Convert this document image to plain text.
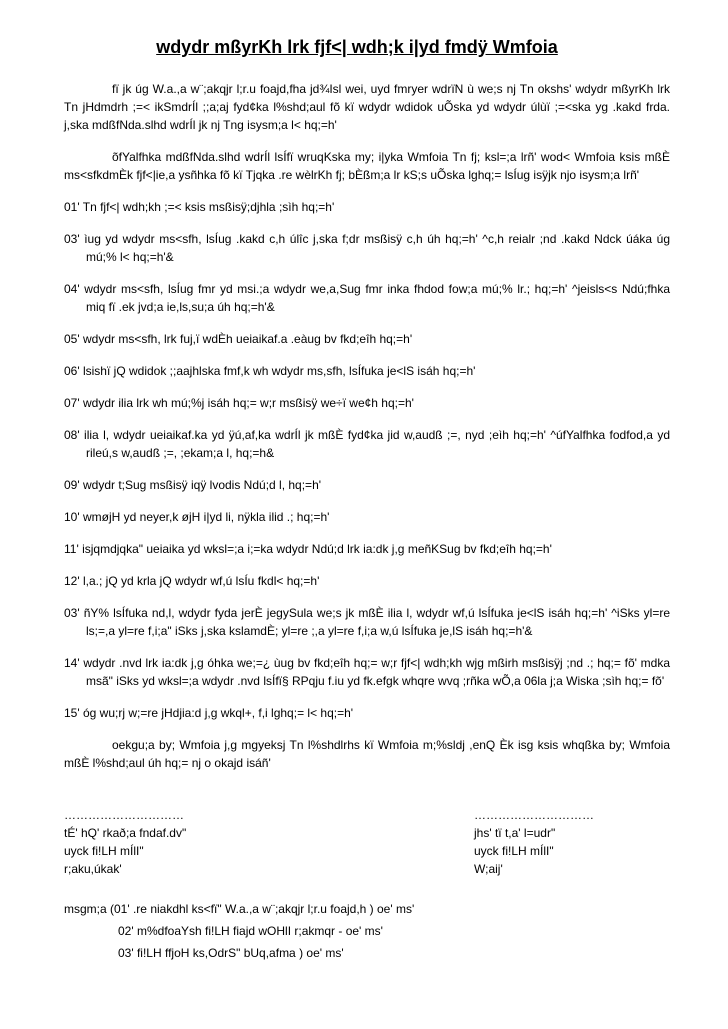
wdydr mßyrKh lrk fjf<| wdh;k i|yd fmdÿ Wmfoia

fï jk úg W.a.,a w¨;akqjr l;r.u foajd,fha jd¾Isl wei, uyd fmryer wdrïN ù we;s nj Tn okshs' wdydr mßyrKh lrk Tn jHdmdrh ;=< ikSmdrÍl ;;a;aj fyd¢ka l%shd;aul fõ kï wdydr wdidok uÕska yd wdydr úlùï ;=<ska yg .kakd frda. j,ska mdßfNda.slhd wdrÍl jk nj Tng isysm;a l< hq;=h'

õfYalfhka mdßfNda.slhd wdrÍl lsÍfï wruqKska my; i|yka Wmfoia Tn fj; ksl=;a lrñ' wod< Wmfoia ksis mßÈ ms<sfkdmÈk fjf<|ie,a ysñhka fõ kï Tjqka .re wèlrKh fj; bÈßm;a lr kS;s uÕska lghq;= lsÍug isÿjk njo isysm;a lrñ'

01' Tn fjf<| wdh;kh ;=< ksis msßisÿ;djhla ;sìh hq;=h'

03' ìug yd wdydr ms<sfh, lsÍug .kakd c,h úlîc j,ska f;dr msßisÿ c,h úh hq;=h' ^c,h reialr ;nd .kakd Ndck úáka úg mú;% l< hq;=h'&

04' wdydr ms<sfh, lsÍug fmr yd msi.;a wdydr we,a,Sug fmr inka fhdod fow;a mú;% lr.; hq;=h' ^jeisls<s Ndú;fhka miq fï .ek jvd;a ie,ls,su;a úh hq;=h'&

05' wdydr ms<sfh, lrk fuj,ï wdÈh ueiaikaf.a .eàug bv fkd;eîh hq;=h'

06' lsishï jQ wdidok ;;aajhlska fmf,k wh wdydr ms,sfh, lsÍfuka je<lS isáh hq;=h'

07' wdydr ilia lrk wh mú;%j isáh hq;= w;r msßisÿ we÷ï we¢h hq;=h'

08' ilia l, wdydr ueiaikaf.ka yd ÿú,af,ka wdrÍl jk mßÈ fyd¢ka jid w,audß ;=, nyd ;eìh hq;=h' ^úfYalfhka fodfod,a yd rileú,s w,audß ;=, ;ekam;a l, hq;=h&

09' wdydr t;Sug msßisÿ iqÿ lvodis Ndú;d l, hq;=h'

10' wmøjH yd neyer,k øjH i|yd li, nÿkla ilid .; hq;=h'

11' isjqmdjqka" ueiaika yd wksl=;a i;=ka wdydr Ndú;d lrk ia:dk j,g meñKSug bv fkd;eîh hq;=h'

12' l,a.; jQ yd krla jQ wdydr wf,ú lsÍu fkdl< hq;=h'

03' ñY% lsÍfuka nd,l, wdydr fyda jerÈ jegySula we;s jk mßÈ ilia l, wdydr wf,ú lsÍfuka je<lS isáh hq;=h' ^iSks yl=re ls;=,a yl=re f,i;a" iSks j,ska kslamdÈ; yl=re ;,a yl=re f,i;a w,ú lsÍfuka je,lS isáh hq;=h'&

14' wdydr .nvd lrk ia:dk j,g óhka we;=¿ ùug bv fkd;eîh hq;= w;r fjf<| wdh;kh wjg mßirh msßisÿj ;nd .; hq;= fõ' mdka msã" iSks yd wksl=;a wdydr .nvd lsÍfï§ RPqju f.iu yd fk.efgk whqre wvq ;rñka wÕ,a 06la j;a Wiska ;sìh hq;= fõ'

15' óg wu;rj w;=re jHdjia:d j,g wkql+, f,i lghq;= l< hq;=h'

oekgu;a by; Wmfoia j,g mgyeksj Tn l%shdlrhs kï Wmfoia m;%sldj ,enQ Èk isg ksis whqßka by; Wmfoia mßÈ l%shd;aul úh hq;= nj o okajd isáñ'

…………………………
tÉ' hQ' rkað;a fndaf.dv"
uyck fi!LH mÍlI"
r;aku,úkak'
…………………………
jhs' tï t,a' l=udr"
uyck fi!LH mÍlI"
W;aij'

msgm;a (01' .re niakdhl ks<fï" W.a.,a w¨;akqjr l;r.u foajd,h ) oe' ms'

02' m%dfoaYsh fi!LH fiajd wOHlI r;akmqr - oe' ms'

03' fi!LH ffjoH ks,OdrS" bUq,afma ) oe' ms'
